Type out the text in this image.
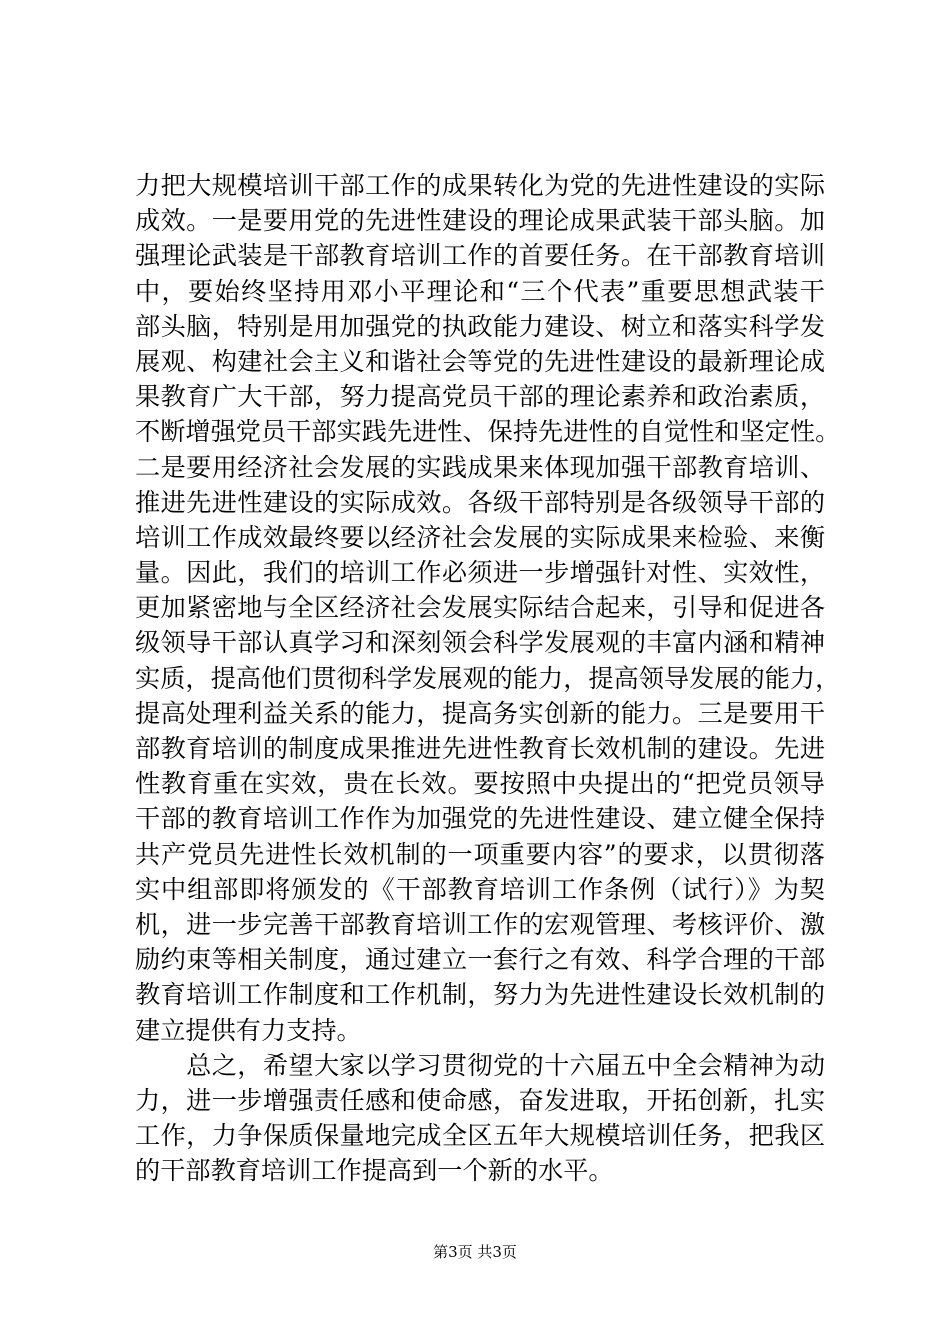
力把大规模培训干部工作的成果转化为党的先进性建设的实际
成效。一是要用党的先进性建设的理论成果武装干部头脑。加
强理论武装是干部教育培训工作的首要任务。在干部教育培训
中，要始终坚持用邓小平理论和“三个代表”重要思想武装干
部头脑，特别是用加强党的执政能力建设、树立和落实科学发
展观、构建社会主义和谐社会等党的先进性建设的最新理论成
果教育广大干部，努力提高党员干部的理论素养和政治素质，
不断增强党员干部实践先进性、保持先进性的自觉性和坚定性。
二是要用经济社会发展的实践成果来体现加强干部教育培训、
推进先进性建设的实际成效。各级干部特别是各级领导干部的
培训工作成效最终要以经济社会发展的实际成果来检验、来衡
量。因此，我们的培训工作必须进一步增强针对性、实效性，
更加紧密地与全区经济社会发展实际结合起来，引导和促进各
级领导干部认真学习和深刻领会科学发展观的丰富内涵和精神
实质，提高他们贯彻科学发展观的能力，提高领导发展的能力，
提高处理利益关系的能力，提高务实创新的能力。三是要用干
部教育培训的制度成果推进先进性教育长效机制的建设。先进
性教育重在实效，贵在长效。要按照中央提出的“把党员领导
干部的教育培训工作作为加强党的先进性建设、建立健全保持
共产党员先进性长效机制的一项重要内容”的要求，以贯彻落
实中组部即将颁发的《干部教育培训工作条例（试行）》为契
机，进一步完善干部教育培训工作的宏观管理、考核评价、激
励约束等相关制度，通过建立一套行之有效、科学合理的干部
教育培训工作制度和工作机制，努力为先进性建设长效机制的
建立提供有力支持。
　　总之，希望大家以学习贯彻党的十六届五中全会精神为动
力，进一步增强责任感和使命感，奋发进取，开拓创新，扎实
工作，力争保质保量地完成全区五年大规模培训任务，把我区
的干部教育培训工作提高到一个新的水平。
第3页 共3页
